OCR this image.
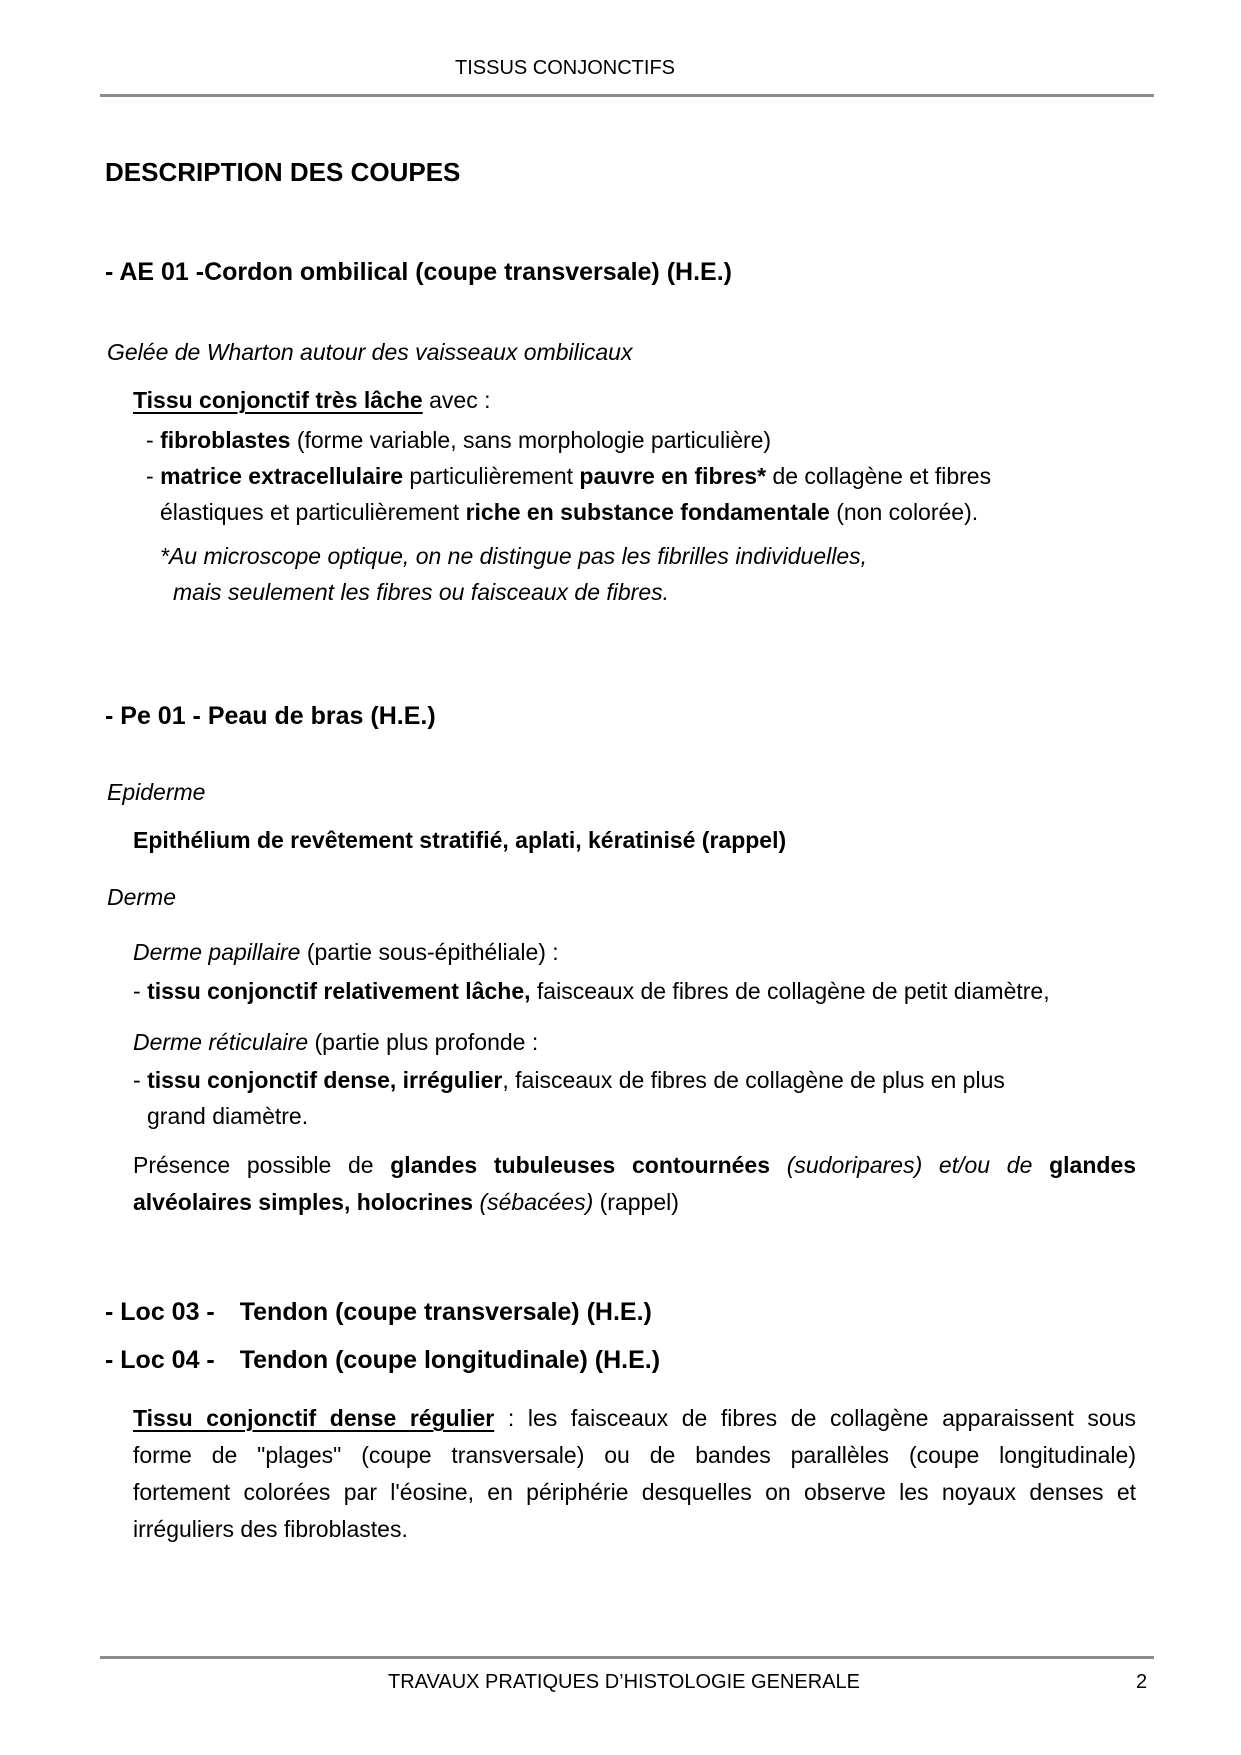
TISSUS CONJONCTIFS
DESCRIPTION DES COUPES
- AE 01 -Cordon ombilical (coupe transversale) (H.E.)
Gelée de Wharton autour des vaisseaux ombilicaux
Tissu conjonctif très lâche avec :
- fibroblastes (forme variable, sans morphologie particulière)
- matrice extracellulaire particulièrement pauvre en fibres* de collagène et fibres
élastiques et particulièrement riche en substance fondamentale (non colorée).
*Au microscope optique, on ne distingue pas les fibrilles individuelles,
mais seulement les fibres ou faisceaux de fibres.
- Pe 01 - Peau de bras (H.E.)
Epiderme
Epithélium de revêtement stratifié, aplati, kératinisé (rappel)
Derme
Derme papillaire (partie sous-épithéliale) :
- tissu conjonctif relativement lâche, faisceaux de fibres de collagène de petit diamètre,
Derme réticulaire (partie plus profonde :
- tissu conjonctif dense, irrégulier, faisceaux de fibres de collagène de plus en plus
grand diamètre.
Présence possible de glandes tubuleuses contournées (sudoripares) et/ou de glandes
alvéolaires simples, holocrines (sébacées) (rappel)
- Loc 03 - Tendon (coupe transversale) (H.E.)
- Loc 04 - Tendon (coupe longitudinale) (H.E.)
Tissu conjonctif dense régulier : les faisceaux de fibres de collagène apparaissent sous
forme de "plages" (coupe transversale) ou de bandes parallèles (coupe longitudinale)
fortement colorées par l'éosine, en périphérie desquelles on observe les noyaux denses et
irréguliers des fibroblastes.
TRAVAUX PRATIQUES D’HISTOLOGIE GENERALE	2
